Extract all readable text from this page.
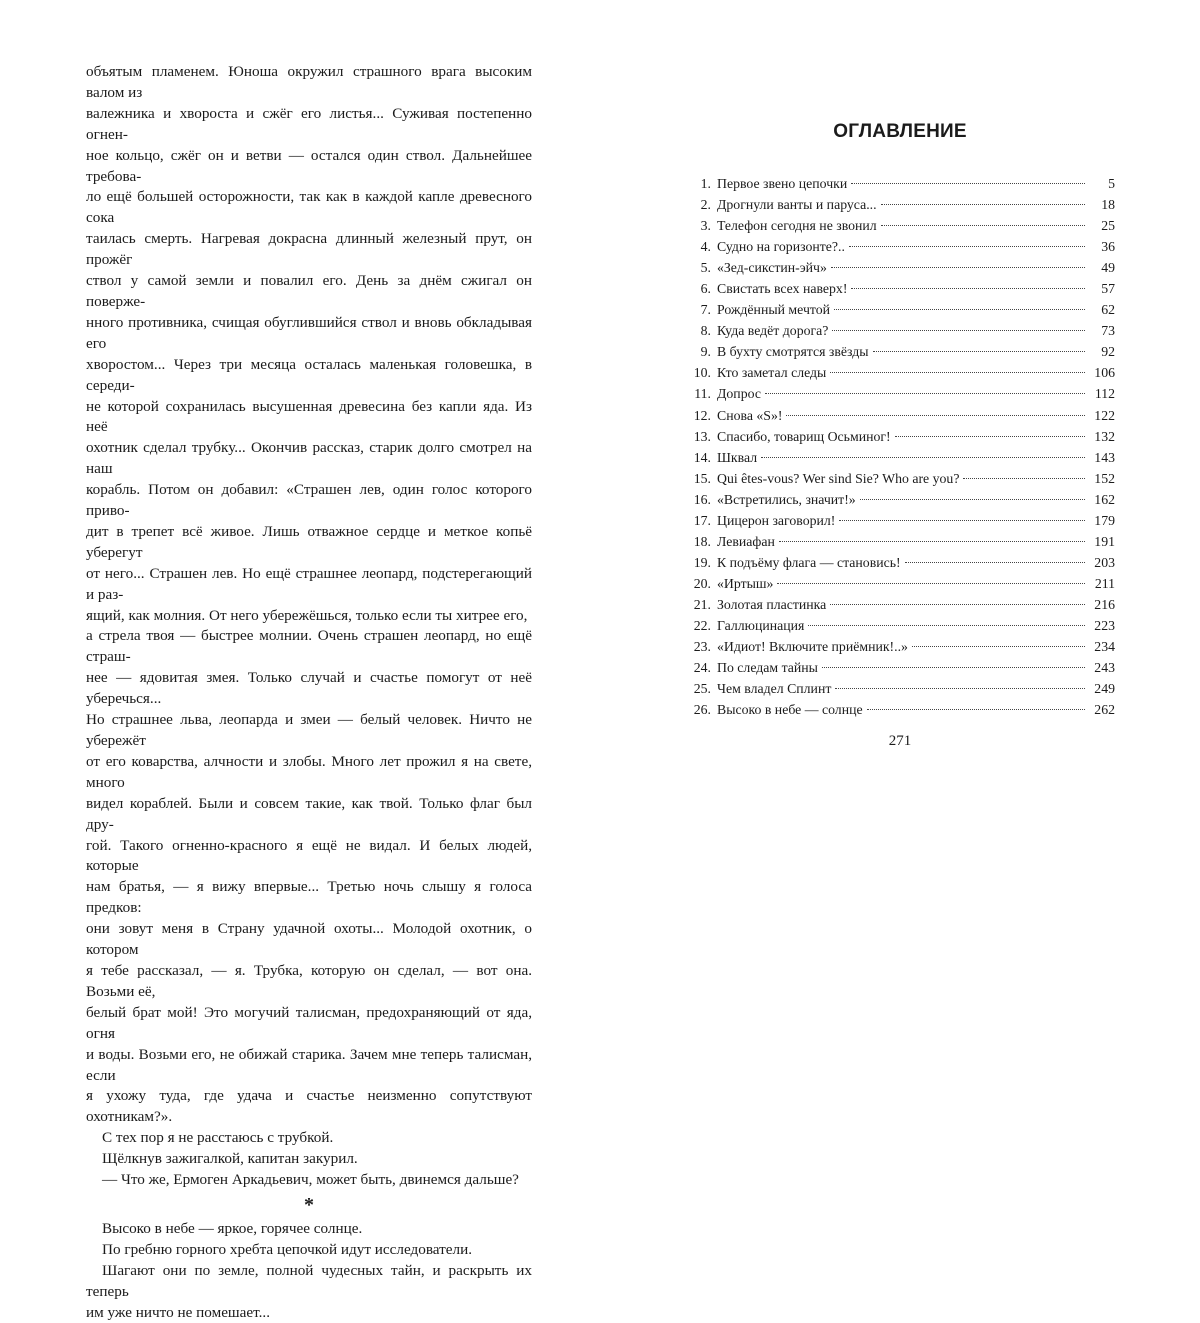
объятым пламенем. Юноша окружил страшного врага высоким валом из

валежника и хвороста и сжёг его листья... Суживая постепенно огнен-

ное кольцо, сжёг он и ветви — остался один ствол. Дальнейшее требова-

ло ещё большей осторожности, так как в каждой капле древесного сока

таилась смерть. Нагревая докрасна длинный железный прут, он прожёг

ствол у самой земли и повалил его. День за днём сжигал он поверже-

нного противника, счищая обуглившийся ствол и вновь обкладывая его

хворостом... Через три месяца осталась маленькая головешка, в середи-

не которой сохранилась высушенная древесина без капли яда. Из неё

охотник сделал трубку... Окончив рассказ, старик долго смотрел на наш

корабль. Потом он добавил: «Страшен лев, один голос которого приво-

дит в трепет всё живое. Лишь отважное сердце и меткое копьё уберегут

от него... Страшен лев. Но ещё страшнее леопард, подстерегающий и раз-

ящий, как молния. От него убережёшься, только если ты хитрее его,

а стрела твоя — быстрее молнии. Очень страшен леопард, но ещё страш-

нее — ядовитая змея. Только случай и счастье помогут от неё уберечься...

Но страшнее льва, леопарда и змеи — белый человек. Ничто не убережёт

от его коварства, алчности и злобы. Много лет прожил я на свете, много

видел кораблей. Были и совсем такие, как твой. Только флаг был дру-

гой. Такого огненно-красного я ещё не видал. И белых людей, которые

нам братья, — я вижу впервые... Третью ночь слышу я голоса предков:

они зовут меня в Страну удачной охоты... Молодой охотник, о котором

я тебе рассказал, — я. Трубка, которую он сделал, — вот она. Возьми её,

белый брат мой! Это могучий талисман, предохраняющий от яда, огня

и воды. Возьми его, не обижай старика. Зачем мне теперь талисман, если

я ухожу туда, где удача и счастье неизменно сопутствуют охотникам?».

С тех пор я не расстаюсь с трубкой.

Щёлкнув зажигалкой, капитан закурил.

— Что же, Ермоген Аркадьевич, может быть, двинемся дальше?

*

Высоко в небе — яркое, горячее солнце.

По гребню горного хребта цепочкой идут исследователи.

Шагают они по земле, полной чудесных тайн, и раскрыть их теперь

им уже ничто не помешает...

ОГЛАВЛЕНИЕ
1. Первое звено цепочки	5
2. Дрогнули ванты и паруса...	18
3. Телефон сегодня не звонил	25
4. Судно на горизонте?..	36
5. «Зед-сикстин-эйч»	49
6. Свистать всех наверх!	57
7. Рождённый мечтой	62
8. Куда ведёт дорога?	73
9. В бухту смотрятся звёзды	92
10. Кто заметал следы	106
11. Допрос	112
12. Снова «S»!	122
13. Спасибо, товарищ Осьминог!	132
14. Шквал	143
15. Qui êtes-vous? Wer sind Sie? Who are you?	152
16. «Встретились, значит!»	162
17. Цицерон заговорил!	179
18. Левиафан	191
19. К подъёму флага — становись!	203
20. «Иртыш»	211
21. Золотая пластинка	216
22. Галлюцинация	223
23. «Идиот! Включите приёмник!..»	234
24. По следам тайны	243
25. Чем владел Сплинт	249
26. Высоко в небе — солнце	262
271
